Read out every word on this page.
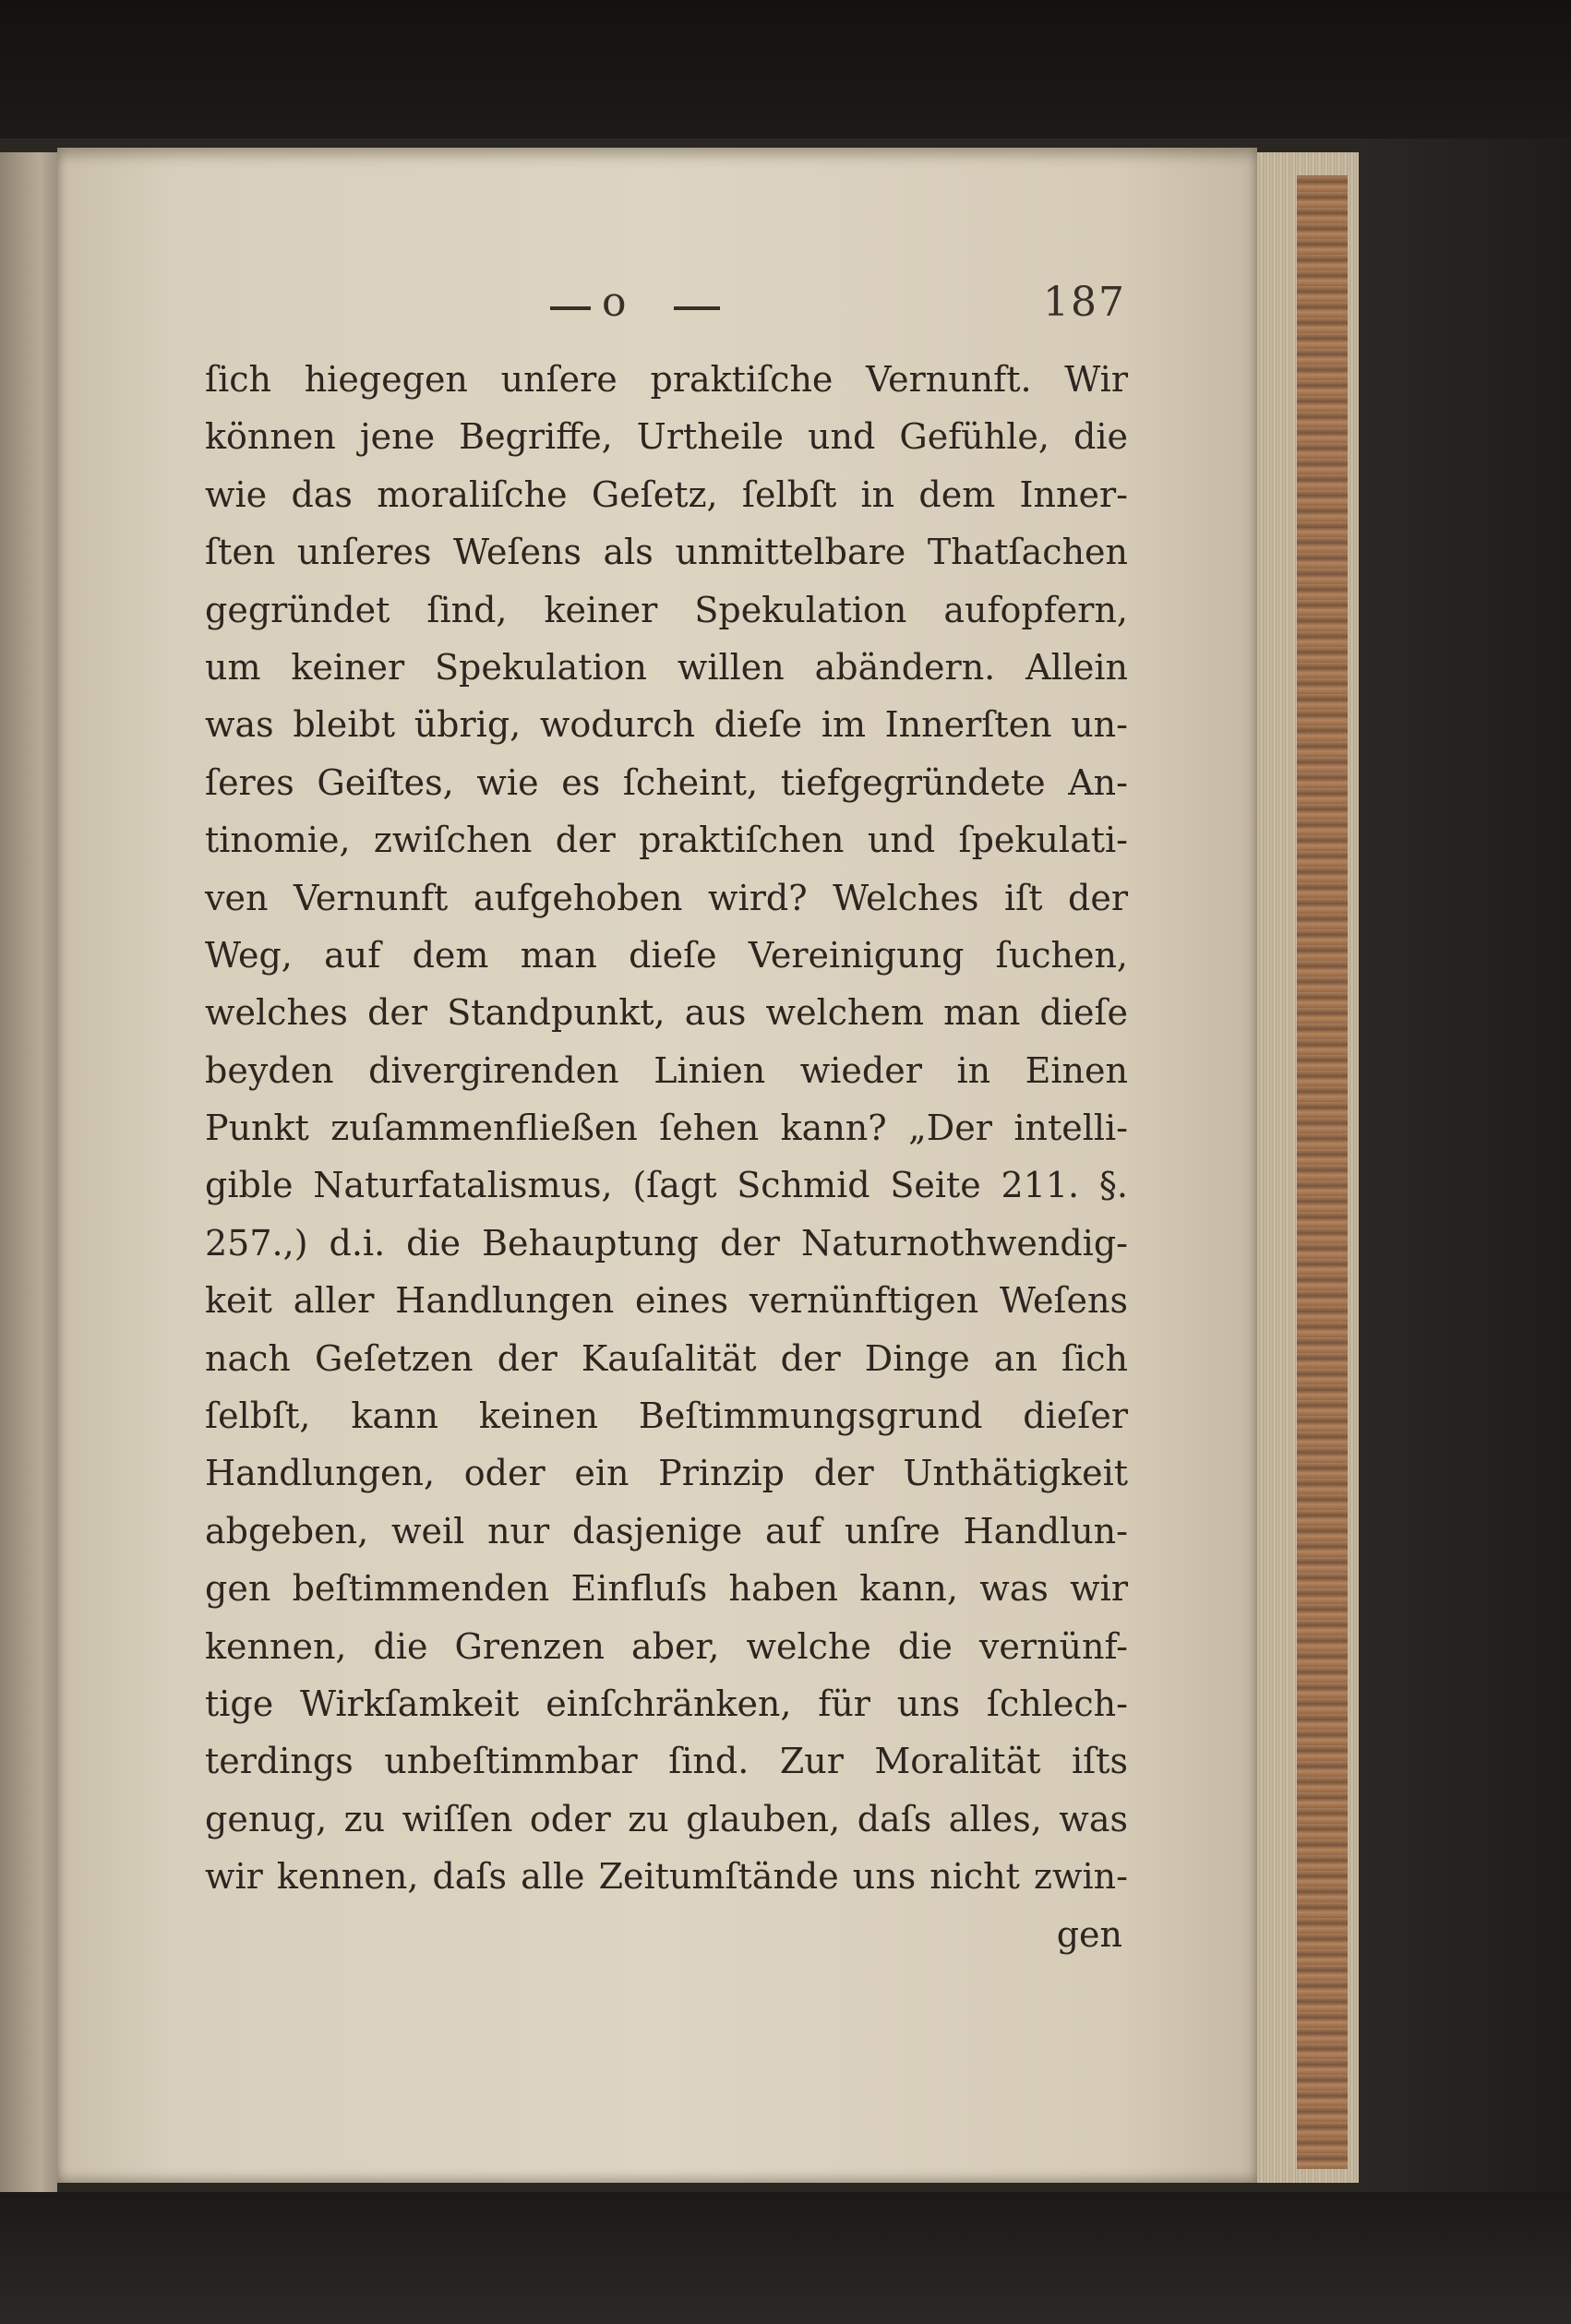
o	187
ſich hiegegen unſere praktiſche Vernunft. Wir
können jene Begriffe, Urtheile und Gefühle, die
wie das moraliſche Geſetz, ſelbſt in dem Inner-
ſten unſeres Weſens als unmittelbare Thatſachen
gegründet ſind, keiner Spekulation aufopfern,
um keiner Spekulation willen abändern. Allein
was bleibt übrig, wodurch dieſe im Innerſten un-
ſeres Geiſtes, wie es ſcheint, tiefgegründete An-
tinomie, zwiſchen der praktiſchen und ſpekulati-
ven Vernunft aufgehoben wird? Welches iſt der
Weg, auf dem man dieſe Vereinigung ſuchen,
welches der Standpunkt, aus welchem man dieſe
beyden divergirenden Linien wieder in Einen
Punkt zuſammenfließen ſehen kann? „Der intelli-
gible Naturfatalismus, (ſagt Schmid Seite 211. §.
257.,) d.i. die Behauptung der Naturnothwendig-
keit aller Handlungen eines vernünftigen Weſens
nach Geſetzen der Kauſalität der Dinge an ſich
ſelbſt, kann keinen Beſtimmungsgrund dieſer
Handlungen, oder ein Prinzip der Unthätigkeit
abgeben, weil nur dasjenige auf unſre Handlun-
gen beſtimmenden Einfluſs haben kann, was wir
kennen, die Grenzen aber, welche die vernünf-
tige Wirkſamkeit einſchränken, für uns ſchlech-
terdings unbeſtimmbar ſind. Zur Moralität iſts
genug, zu wiſſen oder zu glauben, daſs alles, was
wir kennen, daſs alle Zeitumſtände uns nicht zwin-
gen
